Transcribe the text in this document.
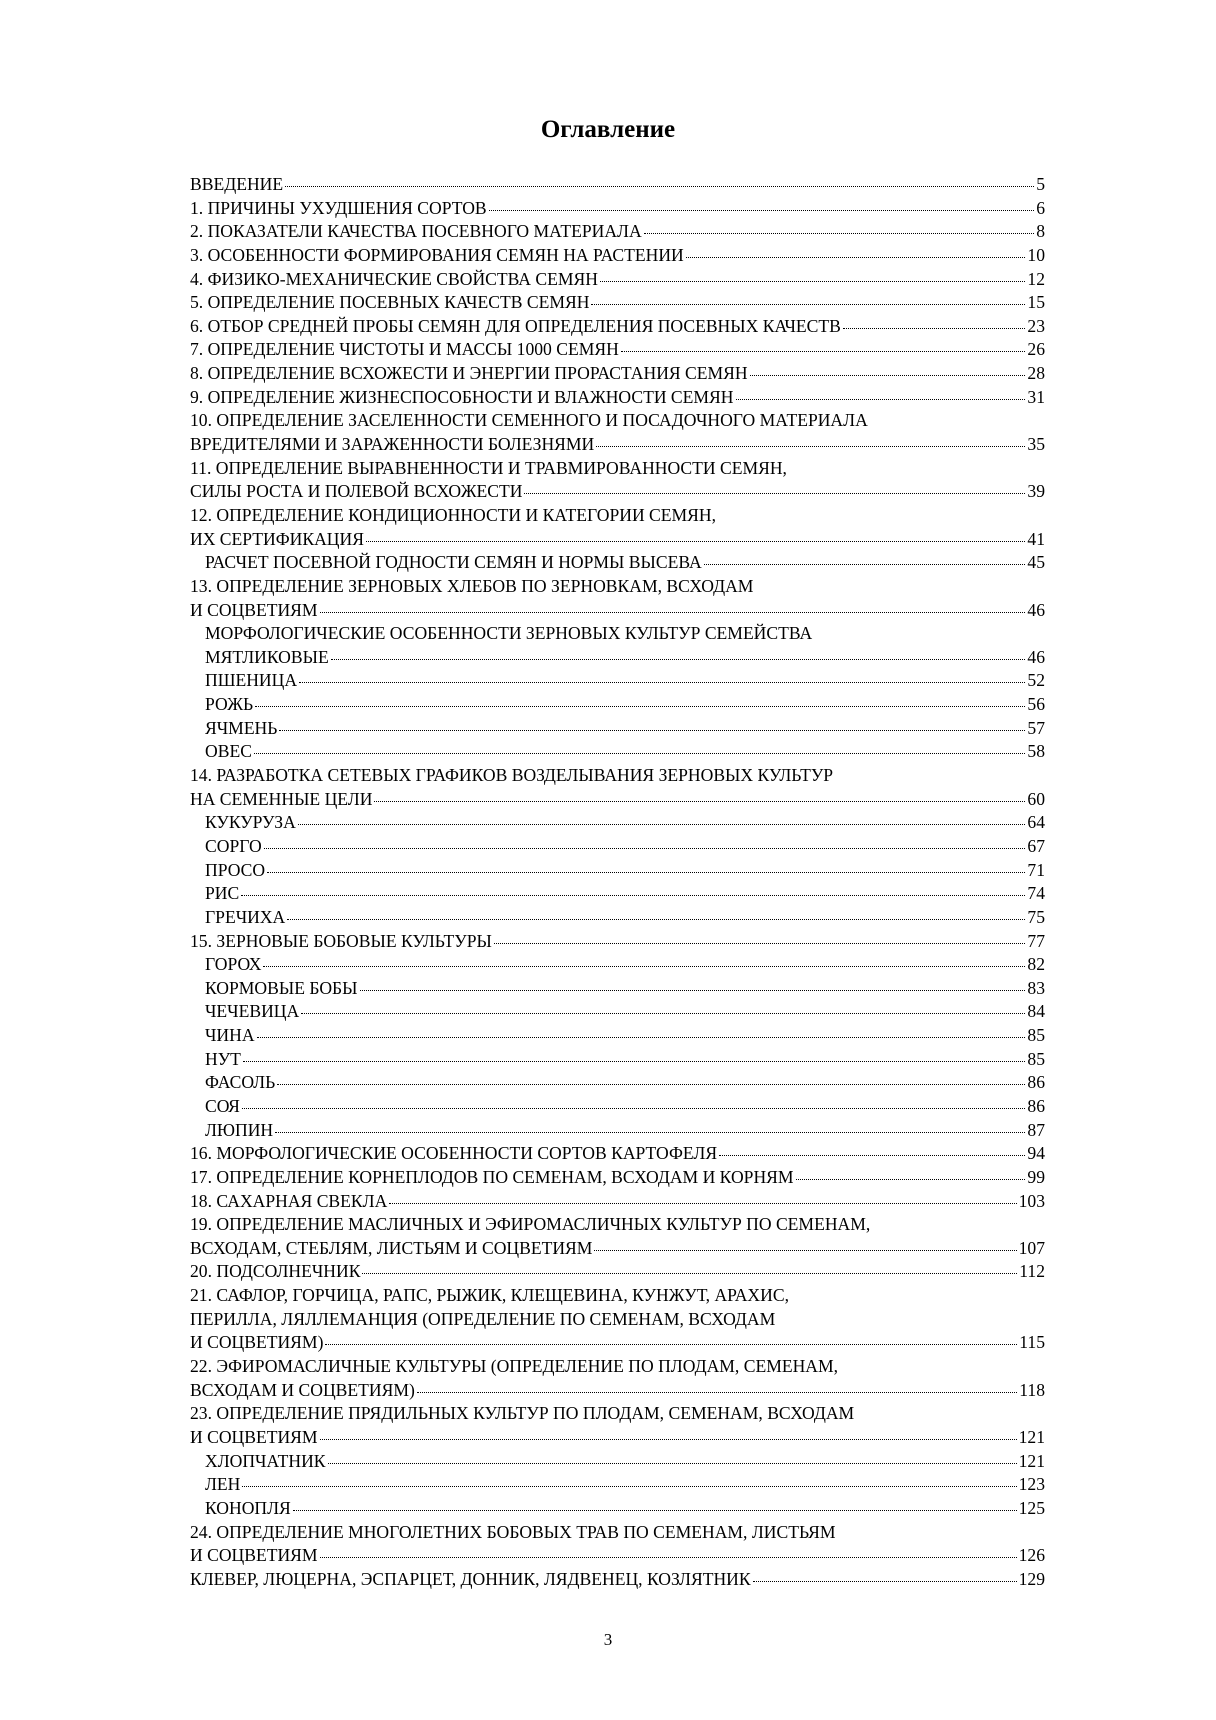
Оглавление
ВВЕДЕНИЕ	5
1. ПРИЧИНЫ УХУДШЕНИЯ СОРТОВ	6
2. ПОКАЗАТЕЛИ КАЧЕСТВА ПОСЕВНОГО МАТЕРИАЛА	8
3. ОСОБЕННОСТИ ФОРМИРОВАНИЯ СЕМЯН НА РАСТЕНИИ	10
4. ФИЗИКО-МЕХАНИЧЕСКИЕ СВОЙСТВА СЕМЯН	12
5. ОПРЕДЕЛЕНИЕ ПОСЕВНЫХ КАЧЕСТВ СЕМЯН	15
6. ОТБОР СРЕДНЕЙ ПРОБЫ СЕМЯН ДЛЯ ОПРЕДЕЛЕНИЯ ПОСЕВНЫХ КАЧЕСТВ	23
7. ОПРЕДЕЛЕНИЕ ЧИСТОТЫ И МАССЫ 1000 СЕМЯН	26
8. ОПРЕДЕЛЕНИЕ ВСХОЖЕСТИ И ЭНЕРГИИ ПРОРАСТАНИЯ СЕМЯН	28
9. ОПРЕДЕЛЕНИЕ ЖИЗНЕСПОСОБНОСТИ И ВЛАЖНОСТИ СЕМЯН	31
10. ОПРЕДЕЛЕНИЕ ЗАСЕЛЕННОСТИ СЕМЕННОГО И ПОСАДОЧНОГО МАТЕРИАЛА
ВРЕДИТЕЛЯМИ И ЗАРАЖЕННОСТИ БОЛЕЗНЯМИ	35
11. ОПРЕДЕЛЕНИЕ ВЫРАВНЕННОСТИ И ТРАВМИРОВАННОСТИ СЕМЯН,
СИЛЫ РОСТА И ПОЛЕВОЙ ВСХОЖЕСТИ	39
12. ОПРЕДЕЛЕНИЕ КОНДИЦИОННОСТИ И КАТЕГОРИИ СЕМЯН,
ИХ СЕРТИФИКАЦИЯ	41
РАСЧЕТ ПОСЕВНОЙ ГОДНОСТИ СЕМЯН И НОРМЫ ВЫСЕВА	45
13. ОПРЕДЕЛЕНИЕ ЗЕРНОВЫХ ХЛЕБОВ ПО ЗЕРНОВКАМ, ВСХОДАМ
И СОЦВЕТИЯМ	46
МОРФОЛОГИЧЕСКИЕ ОСОБЕННОСТИ ЗЕРНОВЫХ КУЛЬТУР СЕМЕЙСТВА
МЯТЛИКОВЫЕ	46
ПШЕНИЦА	52
РОЖЬ	56
ЯЧМЕНЬ	57
ОВЕС	58
14. РАЗРАБОТКА СЕТЕВЫХ ГРАФИКОВ ВОЗДЕЛЫВАНИЯ ЗЕРНОВЫХ КУЛЬТУР
НА СЕМЕННЫЕ ЦЕЛИ	60
КУКУРУЗА	64
СОРГО	67
ПРОСО	71
РИС	74
ГРЕЧИХА	75
15. ЗЕРНОВЫЕ БОБОВЫЕ КУЛЬТУРЫ	77
ГОРОХ	82
КОРМОВЫЕ БОБЫ	83
ЧЕЧЕВИЦА	84
ЧИНА	85
НУТ	85
ФАСОЛЬ	86
СОЯ	86
ЛЮПИН	87
16. МОРФОЛОГИЧЕСКИЕ ОСОБЕННОСТИ СОРТОВ КАРТОФЕЛЯ	94
17. ОПРЕДЕЛЕНИЕ КОРНЕПЛОДОВ ПО СЕМЕНАМ, ВСХОДАМ И КОРНЯМ	99
18. САХАРНАЯ СВЕКЛА	103
19. ОПРЕДЕЛЕНИЕ МАСЛИЧНЫХ И ЭФИРОМАСЛИЧНЫХ КУЛЬТУР ПО СЕМЕНАМ,
ВСХОДАМ, СТЕБЛЯМ, ЛИСТЬЯМ И СОЦВЕТИЯМ	107
20. ПОДСОЛНЕЧНИК	112
21. САФЛОР, ГОРЧИЦА, РАПС, РЫЖИК, КЛЕЩЕВИНА, КУНЖУТ, АРАХИС,
ПЕРИЛЛА, ЛЯЛЛЕМАНЦИЯ (ОПРЕДЕЛЕНИЕ ПО СЕМЕНАМ, ВСХОДАМ
И СОЦВЕТИЯМ)	115
22. ЭФИРОМАСЛИЧНЫЕ КУЛЬТУРЫ (ОПРЕДЕЛЕНИЕ ПО ПЛОДАМ, СЕМЕНАМ,
ВСХОДАМ И СОЦВЕТИЯМ)	118
23. ОПРЕДЕЛЕНИЕ ПРЯДИЛЬНЫХ КУЛЬТУР ПО ПЛОДАМ, СЕМЕНАМ, ВСХОДАМ
И СОЦВЕТИЯМ	121
ХЛОПЧАТНИК	121
ЛЕН	123
КОНОПЛЯ	125
24. ОПРЕДЕЛЕНИЕ МНОГОЛЕТНИХ БОБОВЫХ ТРАВ ПО СЕМЕНАМ, ЛИСТЬЯМ
И СОЦВЕТИЯМ	126
КЛЕВЕР, ЛЮЦЕРНА, ЭСПАРЦЕТ, ДОННИК, ЛЯДВЕНЕЦ, КОЗЛЯТНИК	129
3
